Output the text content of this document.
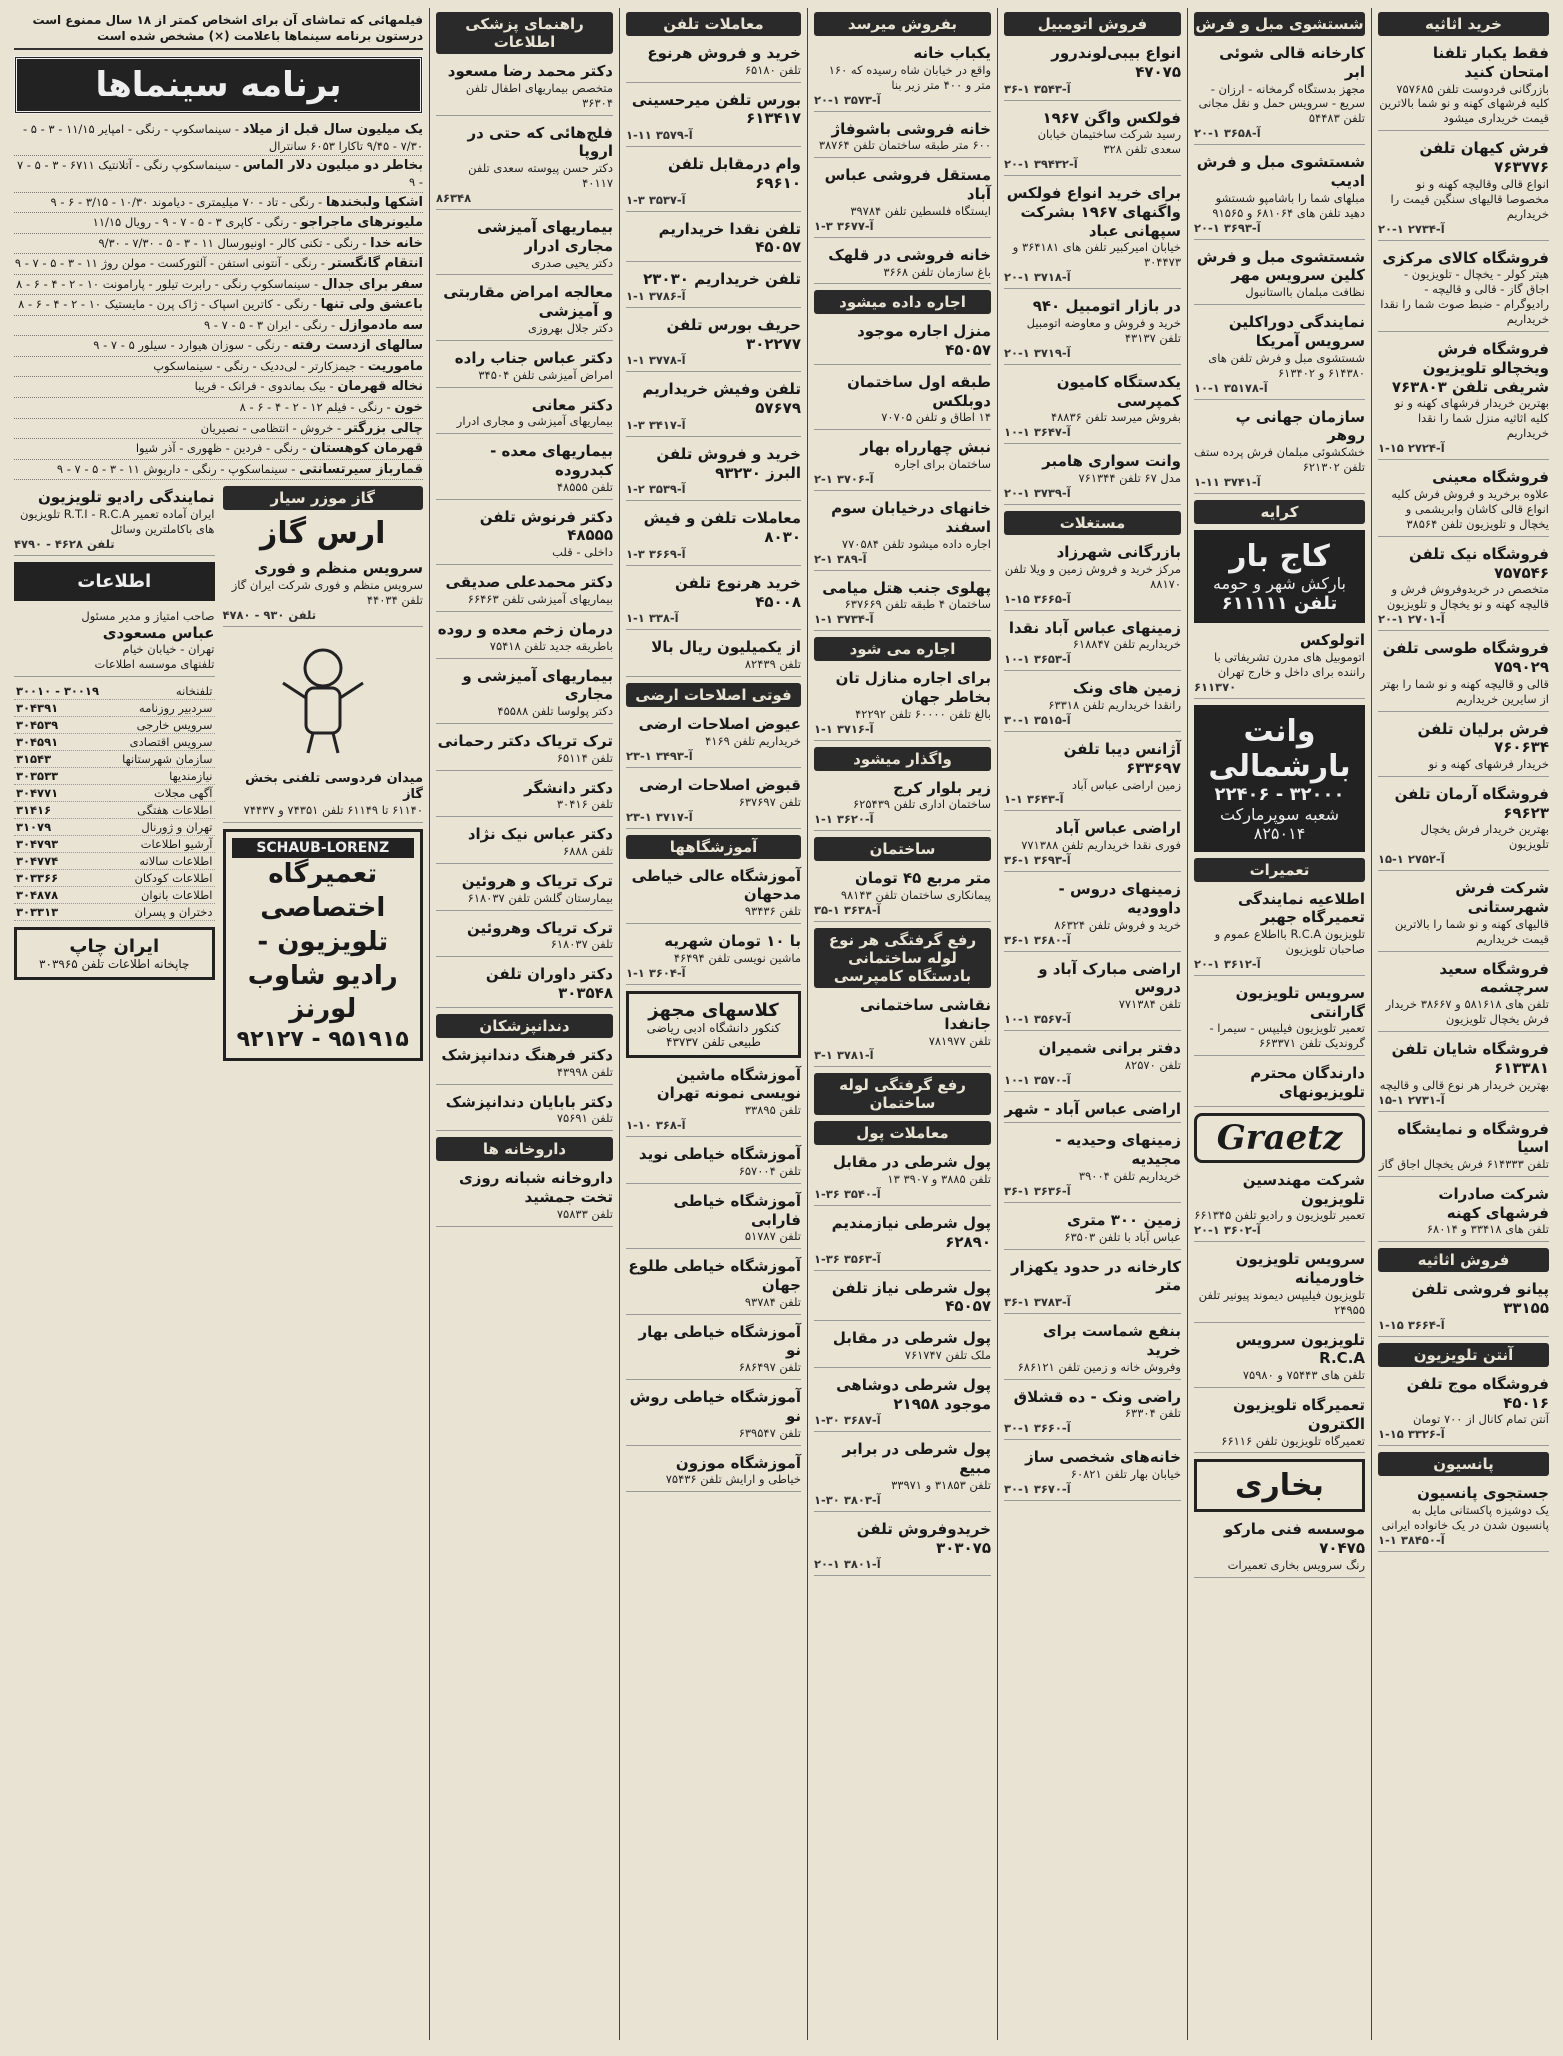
خرید اثاثیه
فقط یکبار تلفنا امتحان کنید
بازرگانی فردوست تلفن ۷۵۷۶۸۵ کلیه فرشهای کهنه و نو شما بالاترین قیمت خریداری میشود
فرش کیهان تلفن ۷۶۳۷۷۶
انواع قالی وقالیچه کهنه و نو مخصوصا قالیهای سنگین قیمت را خریداریم
۲۰-۱ آ-۲۷۳۴
فروشگاه کالای مرکزی
هیتر کولر - یخچال - تلویزیون - اجاق گاز - قالی و قالیچه - رادیوگرام - ضبط صوت شما را نقدا خریداریم
فروشگاه فرش ویخچالو تلویزیون شریفی تلفن ۷۶۳۸۰۳
بهترین خریدار فرشهای کهنه و نو کلیه اثاثیه منزل شما را نقدا خریداریم
۱-۱۵ آ-۲۷۲۴
فروشگاه معینی
علاوه برخرید و فروش فرش کلیه انواع قالی کاشان وابریشمی و یخچال و تلویزیون تلفن ۳۸۵۶۴
فروشگاه نیک تلفن ۷۵۷۵۴۶
متخصص در خریدوفروش فرش و قالیچه کهنه و نو یخچال و تلویزیون
۲۰-۱ آ-۲۷۰۱
فروشگاه طوسی تلفن ۷۵۹۰۲۹
قالی و قالیچه کهنه و نو شما را بهتر از سایرین خریداریم
فرش برلیان تلفن ۷۶۰۶۳۴
خریدار فرشهای کهنه و نو
فروشگاه آرمان تلفن ۶۹۶۲۳
بهترین خریدار فرش یخچال تلویزیون
۱۵-۱ آ-۲۷۵۲
شرکت فرش شهرستانی
قالیهای کهنه و نو شما را بالاترین قیمت خریداریم
فروشگاه سعید سرچشمه
تلفن های ۵۸۱۶۱۸ و ۳۸۶۶۷ خریدار فرش یخچال تلویزیون
فروشگاه شایان تلفن ۶۱۳۳۸۱
بهترین خریدار هر نوع قالی و قالیچه
۱۵-۱ آ-۲۷۳۱
فروشگاه و نمایشگاه اسیا
تلفن ۶۱۴۳۳۳ فرش یخچال اجاق گاز
شرکت صادرات فرشهای کهنه
تلفن های ۳۳۴۱۸ و ۶۸۰۱۴
فروش اثاثیه
پیانو فروشی تلفن ۳۳۱۵۵
۱-۱۵ آ-۳۶۶۴
آنتن تلویزیون
فروشگاه موج تلفن ۴۵۰۱۶
آنتن تمام کانال از ۷۰۰ تومان
۱-۱۵ آ-۳۳۲۶
پانسیون
جستجوی پانسیون
یک دوشیزه پاکستانی مایل به پانسیون شدن در یک خانواده ایرانی
۱-۱ آ-۳۸۴۵۰
شستشوی مبل و فرش
کارخانه قالی شوئی ابر
مجهز بدستگاه گرمخانه - ارزان - سریع - سرویس حمل و نقل مجانی تلفن ۵۴۴۸۳
۲۰-۱ آ-۳۶۵۸
شستشوی مبل و فرش ادیب
مبلهای شما را باشامپو شستشو دهید تلفن های ۶۸۱۰۶۴ و ۹۱۵۶۵
۲۰-۱ آ-۳۶۹۳
شستشوی مبل و فرش کلین سرویس مهر
نظافت مبلمان بااستانبول
نمایندگی دوراکلین سرویس آمریکا
شستشوی مبل و فرش تلفن های ۶۱۴۳۸۰ و ۶۱۳۴۰۲
۱۰-۱ آ-۳۵۱۷۸
سازمان جهانی پ روهر
خشکشوئی مبلمان فرش پرده ستف تلفن ۶۲۱۳۰۲
۱-۱۱ آ-۳۷۴۱
کرایه
کاج بار
بارکش شهر و حومه
تلفن ۶۱۱۱۱۱
اتولوکس
اتوموبیل های مدرن تشریفاتی با راننده برای داخل و خارج تهران
۶۱۱۳۷۰
وانت بارشمالی
۳۲۰۰۰ - ۲۲۴۰۶
شعبه سوپرمارکت ۸۲۵۰۱۴
تعمیرات
اطلاعیه نمایندگی تعمیرگاه جهبر
تلویزیون R.C.A بااطلاع عموم و صاحبان تلویزیون
۲۰-۱ آ-۳۶۱۲
سرویس تلویزیون گارانتی
تعمیر تلویزیون فیلیپس - سیمرا - گروندیک تلفن ۶۶۳۳۷۱
دارندگان محترم تلویزیونهای
Graetz
شرکت مهندسین تلویزیون
تعمیر تلویزیون و رادیو تلفن ۶۶۱۳۴۵
۲۰-۱ آ-۳۶۰۲
سرویس تلویزیون خاورمیانه
تلویزیون فیلیپس دیموند پیونیر تلفن ۲۴۹۵۵
تلویزیون سرویس R.C.A
تلفن های ۷۵۴۴۳ و ۷۵۹۸۰
تعمیرگاه تلویزیون الکترون
تعمیرگاه تلویزیون تلفن ۶۶۱۱۶
بخاری
موسسه فنی مارکو ۷۰۴۷۵
رنگ سرویس بخاری تعمیرات
فروش اتومبیل
انواع بیبی‌لوندرور ۴۷۰۷۵
۳۶-۱ آ-۳۵۴۳
فولکس واگن ۱۹۶۷
رسید شرکت ساختیمان خیابان سعدی تلفن ۳۲۸
۲۰-۱ آ-۳۹۴۳۲
برای خرید انواع فولکس واگنهای ۱۹۶۷ بشرکت سپهانی عباد
خیابان امیرکبیر تلفن های ۳۶۴۱۸۱ و ۳۰۴۴۷۳
۲۰-۱ آ-۳۷۱۸
در بازار اتومبیل ۹۴۰
خرید و فروش و معاوضه اتومبیل تلفن ۴۳۱۳۷
۲۰-۱ آ-۳۷۱۹
یکدستگاه کامیون کمپرسی
بفروش میرسد تلفن ۴۸۸۳۶
۱۰-۱ آ-۳۶۴۷
وانت سواری هامبر
مدل ۶۷ تلفن ۷۶۱۳۴۴
۲۰-۱ آ-۳۷۳۹
مستغلات
بازرگانی شهرزاد
مرکز خرید و فروش زمین و ویلا تلفن ۸۸۱۷۰
۱-۱۵ آ-۳۶۶۵
زمینهای عباس آباد نقدا
خریداریم تلفن ۶۱۸۸۴۷
۱۰-۱ آ-۳۶۵۳
زمین های ونک
رانقدا خریداریم تلفن ۶۳۳۱۸
۳۰-۱ آ-۳۵۱۵
آژانس دیبا تلفن ۶۳۳۶۹۷
زمین اراضی عباس آباد
۱-۱ آ-۳۶۴۳
اراضی عباس آباد
فوری نقدا خریداریم تلفن ۷۷۱۳۸۸
۳۶-۱ آ-۳۶۹۳
زمینهای دروس - داوودیه
خرید و فروش تلفن ۸۶۳۲۴
۳۶-۱ آ-۳۶۸۰
اراضی مبارک آباد و دروس
تلفن ۷۷۱۳۸۴
۱۰-۱ آ-۳۵۶۷
دفتر برانی شمیران
تلفن ۸۲۵۷۰
۱۰-۱ آ-۳۵۷۰
اراضی عباس آباد - شهر
زمینهای وحیدیه - مجیدیه
خریداریم تلفن ۳۹۰۰۴
۳۶-۱ آ-۳۶۳۶
زمین ۳۰۰ متری
عباس آباد با تلفن ۶۳۵۰۳
کارخانه در حدود یکهزار متر
۳۶-۱ آ-۳۷۸۳
بنفع شماست برای خرید
وفروش خانه و زمین تلفن ۶۸۶۱۲۱
راضی ونک - ده قشلاق
تلفن ۶۳۳۰۴
۳۰-۱ آ-۳۶۶۰
خانه‌های شخصی ساز
خیابان بهار تلفن ۶۰۸۲۱
۳۰-۱ آ-۳۶۷۰
بفروش میرسد
یکباب خانه
واقع در خیابان شاه رسیده که ۱۶۰ متر و ۴۰۰ متر زیر بنا
۲۰-۱ آ-۳۵۷۳
خانه فروشی باشوفاژ
۶۰۰ متر طبقه ساختمان تلفن ۳۸۷۶۴
مستقل فروشی عباس آباد
ایستگاه فلسطین تلفن ۳۹۷۸۴
۱-۳ آ-۳۶۷۷
خانه فروشی در قلهک
باغ سازمان تلفن ۳۶۶۸
اجاره داده میشود
منزل اجاره موجود ۴۵۰۵۷
طبقه اول ساختمان دوبلکس
۱۴ اطاق و تلفن ۷۰۷۰۵
نبش چهارراه بهار
ساختمان برای اجاره
۲-۱ آ-۳۷۰۶
خانهای درخیابان سوم اسفند
اجاره داده میشود تلفن ۷۷۰۵۸۴
۲-۱ آ-۳۸۹
پهلوی جنب هتل میامی
ساختمان ۴ طبقه تلفن ۶۳۷۶۶۹
۱-۱ آ-۳۷۳۴
اجاره می شود
برای اجاره منازل تان بخاطر جهان
بالغ تلفن ۶۰۰۰۰ تلفن ۴۲۲۹۲
۱-۱ آ-۳۷۱۶
واگذار میشود
زیر بلوار کرج
ساختمان اداری تلفن ۶۲۵۴۳۹
۱-۱ آ-۳۶۲۰
ساختمان
متر مربع ۴۵ تومان
پیمانکاری ساختمان تلفن ۹۸۱۴۳
۳۵-۱ آ-۳۶۳۸
رفع گرفتگی هر نوع لوله ساختمانی بادستگاه کامپرسی
نقاشی ساختمانی جانفدا
تلفن ۷۸۱۹۷۷
۳-۱ آ-۳۷۸۱
رفع گرفتگی لوله ساختمان
معاملات پول
پول شرطی در مقابل
تلفن ۳۸۸۵ و ۳۹۰۷ ۱۳
۱-۳۶ آ-۳۵۴۰
پول شرطی نیازمندیم ۶۲۸۹۰
۱-۳۶ آ-۳۵۶۳
پول شرطی نیاز تلفن ۴۵۰۵۷
پول شرطی در مقابل
ملک تلفن ۷۶۱۷۴۷
پول شرطی دوشاهی موجود ۲۱۹۵۸
۱-۳۰ آ-۳۶۸۷
پول شرطی در برابر مبیع
تلفن ۳۱۸۵۳ و ۳۳۹۷۱
۱-۳۰ آ-۳۸۰۳
خریدوفروش تلفن ۳۰۳۰۷۵
۲۰-۱ آ-۳۸۰۱
معاملات تلفن
خرید و فروش هرنوع
تلفن ۶۵۱۸۰
بورس تلفن میرحسینی ۶۱۳۴۱۷
۱-۱۱ آ-۳۵۷۹
وام درمقابل تلفن ۶۹۶۱۰
۱-۳ آ-۳۵۳۷
تلفن نقدا خریداریم ۴۵۰۵۷
تلفن خریداریم ۲۳۰۳۰
۱-۱ آ-۳۷۸۶
حریف بورس تلفن ۳۰۲۲۷۷
۱-۱ آ-۳۷۷۸
تلفن وفیش خریداریم ۵۷۶۷۹
۱-۳ آ-۳۴۱۷
خرید و فروش تلفن البرز ۹۳۲۳۰
۱-۲ آ-۳۵۳۹
معاملات تلفن و فیش ۸۰۳۰
۱-۳ آ-۳۶۶۹
خرید هرنوع تلفن ۴۵۰۰۸
۱-۱ آ-۳۳۸
از یکمیلیون ریال بالا
تلفن ۸۲۴۳۹
فوتی اصلاحات ارضی
عیوض اصلاحات ارضی
خریداریم تلفن ۴۱۶۹
۲۳-۱ آ-۳۴۹۳
قبوض اصلاحات ارضی
تلفن ۶۳۷۶۹۷
۲۳-۱ آ-۳۷۱۷
آموزشگاهها
آموزشگاه عالی خیاطی مدحهان
تلفن ۹۳۴۳۶
با ۱۰ تومان شهریه
ماشین نویسی تلفن ۴۶۴۹۴
۱-۱ آ-۳۶۰۴
کلاسهای مجهز
کنکور دانشگاه ادبی ریاضی طبیعی تلفن ۴۳۷۳۷
آموزشگاه ماشین نویسی نمونه تهران
تلفن ۳۳۸۹۵
۱-۱۰ آ-۳۶۸
آموزشگاه خیاطی نوید
تلفن ۶۵۷۰۰۴
آموزشگاه خیاطی فارابی
تلفن ۵۱۷۸۷
آموزشگاه خیاطی طلوع جهان
تلفن ۹۳۷۸۴
آموزشگاه خیاطی بهار نو
تلفن ۶۸۶۴۹۷
آموزشگاه خیاطی روش نو
تلفن ۶۳۹۵۴۷
آموزشگاه موزون
خیاطی و ارایش تلفن ۷۵۴۳۶
راهنمای پزشکی اطلاعات
دکتر محمد رضا مسعود
متخصص بیماریهای اطفال تلفن ۳۶۳۰۴
فلج‌هائی که حتی در اروپا
دکتر حسن پیوسته سعدی تلفن ۴۰۱۱۷
۸۶۳۴۸
بیماریهای آمیزشی مجاری ادرار
دکتر یحیی صدری
معالجه امراض مقاربتی و آمیزشی
دکتر جلال بهروزی
دکتر عباس جناب راده
امراض آمیزشی تلفن ۳۴۵۰۴
دکتر معانی
بیماریهای آمیزشی و مجاری ادرار
بیماریهای معده - کبدروده
تلفن ۴۸۵۵۵
دکتر فرنوش تلفن ۴۸۵۵۵
داخلی - قلب
دکتر محمدعلی صدیقی
بیماریهای آمیزشی تلفن ۶۶۴۶۳
درمان زخم معده و روده
باطریقه جدید تلفن ۷۵۴۱۸
بیماریهای آمیزشی و مجاری
دکتر پولوسا تلفن ۴۵۵۸۸
ترک تریاک دکتر رحمانی
تلفن ۶۵۱۱۴
دکتر دانشگر
تلفن ۳۰۴۱۶
دکتر عباس نیک نژاد
تلفن ۶۸۸۸
ترک تریاک و هروئین
بیمارستان گلشن تلفن ۶۱۸۰۳۷
ترک تریاک وهروئین
تلفن ۶۱۸۰۳۷
دکتر داوران تلفن ۳۰۳۵۴۸
دندانپزشکان
دکتر فرهنگ دندانپزشک
تلفن ۴۳۹۹۸
دکتر بابایان دندانپزشک
تلفن ۷۵۶۹۱
داروخانه ها
داروخانه شبانه روزی تخت جمشید
تلفن ۷۵۸۳۳
فیلمهائی که تماشای آن برای اشخاص کمتر از ۱۸ سال ممنوع است درستون برنامه سینماها باعلامت (×) مشخص شده است
برنامه سینماها
یک میلیون سال قبل از میلاد - سینماسکوپ - رنگی - امپایر ۱۱/۱۵ - ۳ - ۵ - ۷/۳۰ - ۹/۴۵ تاکارا ۶۰۵۳ سانترال
بخاطر دو میلیون دلار الماس - سینماسکوپ رنگی - آتلانتیک ۶۷۱۱ - ۳ - ۵ - ۷ - ۹
اشکها ولبخندها - رنگی - تاد - ۷۰ میلیمتری - دیاموند ۱۰/۳۰ - ۳/۱۵ - ۶ - ۹
ملیونرهای ماجراجو - رنگی - کاپری ۳ - ۵ - ۷ - ۹ - رویال ۱۱/۱۵
خانه خدا - رنگی - تکنی کالر - اونیورسال ۱۱ - ۳ - ۵ - ۷/۳۰ - ۹/۳۰
انتقام گانگستر - رنگی - آنتونی استفن - آلتورکست - مولن روژ ۱۱ - ۳ - ۵ - ۷ - ۹
سفر برای جدال - سینماسکوپ رنگی - رابرت تیلور - پارامونت ۱۰ - ۲ - ۴ - ۶ - ۸
باعشق ولی تنها - رنگی - کاترین اسپاک - ژاک پرن - مایستیک ۱۰ - ۲ - ۴ - ۶ - ۸
سه مادموازل - رنگی - ایران ۳ - ۵ - ۷ - ۹
سالهای ازدست رفته - رنگی - سوزان هیوارد - سیلور ۵ - ۷ - ۹
ماموریت - جیمزکارتر - لی‌ددیک - رنگی - سینماسکوپ
نخاله قهرمان - بیک بماندوی - فرانک - فریبا
خون - رنگی - فیلم ۱۲ - ۲ - ۴ - ۶ - ۸
چالی بزرگتر - خروش - انتظامی - نصیریان
قهرمان کوهستان - رنگی - فردین - ظهوری - آذر شیوا
قمارباز سیرتسانتی - سینماسکوپ - رنگی - داریوش ۱۱ - ۳ - ۵ - ۷ - ۹
نمایندگی رادیو تلویزیون
ایران آماده تعمیر R.T.I - R.C.A تلویزیون های باکاملترین وسائل
تلفن ۴۶۲۸ - ۴۷۹۰
اطلاعات
صاحب امتیاز و مدیر مسئول
عباس مسعودی
تهران - خیابان خیام
تلفنهای موسسه اطلاعات
تلفنخانه	۳۰۰۱۰ - ۳۰۰۱۹
سردبیر روزنامه	۳۰۴۳۹۱
سرویس خارجی	۳۰۴۵۳۹
سرویس اقتصادی	۳۰۴۵۹۱
سازمان شهرستانها	۳۱۵۴۳
نیازمندیها	۳۰۳۵۳۳
آگهی مجلات	۳۰۴۷۷۱
اطلاعات هفتگی	۳۱۴۱۶
تهران و ژورنال	۳۱۰۷۹
آرشیو اطلاعات	۳۰۴۷۹۳
اطلاعات سالانه	۳۰۴۷۷۴
اطلاعات کودکان	۳۰۳۳۶۶
اطلاعات بانوان	۳۰۴۸۷۸
دختران و پسران	۳۰۳۳۱۳
ایران چاپ
چاپخانه اطلاعات تلفن ۳۰۳۹۶۵
گاز موزر سیار
ارس گاز
سرویس منظم و فوری
سرویس منظم و فوری شرکت ایران گاز تلفن ۴۴۰۳۴
تلفن ۹۳۰ - ۴۷۸۰
میدان فردوسی تلفنی بخش گاز
۶۱۱۴۰ تا ۶۱۱۴۹ تلفن ۷۴۳۵۱ و ۷۴۴۳۷
SCHAUB-LORENZ
تعمیرگاه اختصاصی تلویزیون - رادیو شاوب لورنز
۹۲۱۲۷ - ۹۵۱۹۱۵
